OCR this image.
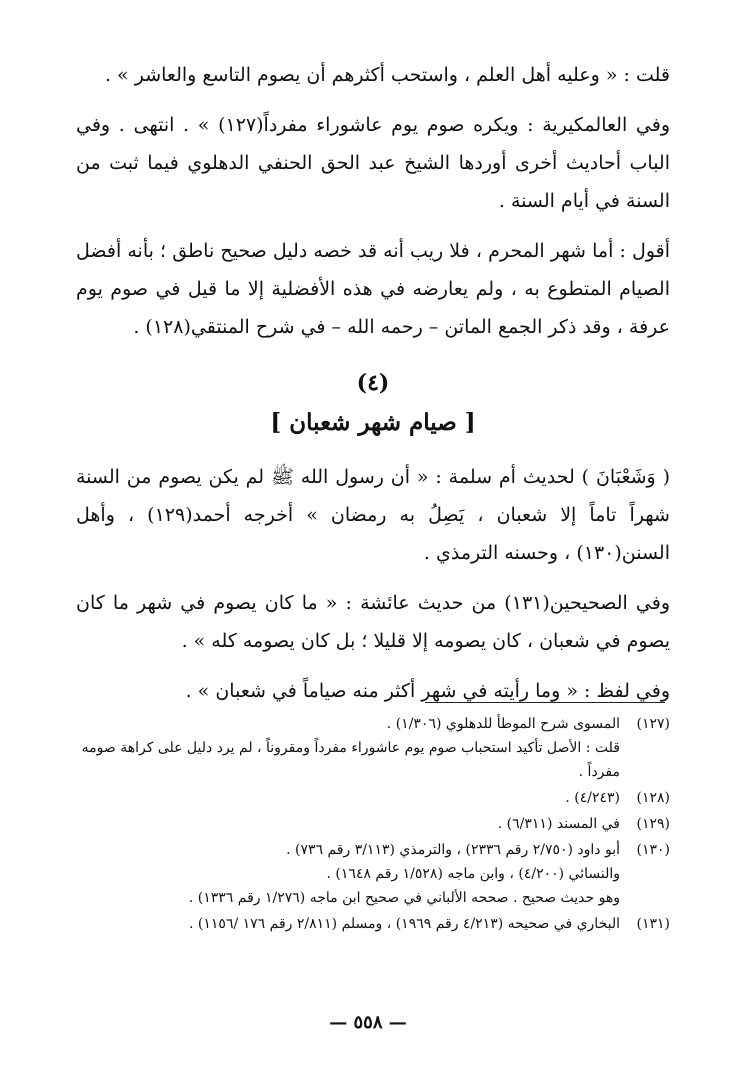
قلت : « وعليه أهل العلم ، واستحب أكثرهم أن يصوم التاسع والعاشر » .

وفي العالمكيرية : ويكره صوم يوم عاشوراء مفرداً(١٢٧) » . انتهى . وفي الباب أحاديث أخرى أوردها الشيخ عبد الحق الحنفي الدهلوي فيما ثبت من السنة في أيام السنة .

أقول : أما شهر المحرم ، فلا ريب أنه قد خصه دليل صحيح ناطق ؛ بأنه أفضل الصيام المتطوع به ، ولم يعارضه في هذه الأفضلية إلا ما قيل في صوم يوم عرفة ، وقد ذكر الجمع الماتن – رحمه الله – في شرح المنتقي(١٢٨) .

(٤)
[ صيام شهر شعبان ]

( وَشَعْبَانَ ) لحديث أم سلمة : « أن رسول الله ﷺ لم يكن يصوم من السنة شهراً تاماً إلا شعبان ، يَصِلُ به رمضان » أخرجه أحمد(١٢٩) ، وأهل السنن(١٣٠) ، وحسنه الترمذي .

وفي الصحيحين(١٣١) من حديث عائشة : « ما كان يصوم في شهر ما كان يصوم في شعبان ، كان يصومه إلا قليلا ؛ بل كان يصومه كله » .

وفي لفظ : « وما رأيته في شهر أكثر منه صياماً في شعبان » .

(١٢٧)
المسوى شرح الموطأ للدهلوي (١/٣٠٦) .
قلت : الأصل تأكيد استحباب صوم يوم عاشوراء مفرداً ومقروناً ، لم يرد دليل على كراهة صومه مفرداً .
(١٢٨)
(٤/٢٤٣) .
(١٢٩)
في المسند (٦/٣١١) .
(١٣٠)
أبو داود (٢/٧٥٠ رقم ٢٣٣٦) ، والترمذي (٣/١١٣ رقم ٧٣٦) .
والنسائي (٤/٢٠٠) ، وابن ماجه (١/٥٢٨ رقم ١٦٤٨) .
وهو حديث صحيح . صححه الألباني في صحيح ابن ماجه (١/٢٧٦ رقم ١٣٣٦) .
(١٣١)
البخاري في صحيحه (٤/٢١٣ رقم ١٩٦٩) ، ومسلم (٢/٨١١ رقم ١٧٦ /١١٥٦) .
— ٥٥٨ —
